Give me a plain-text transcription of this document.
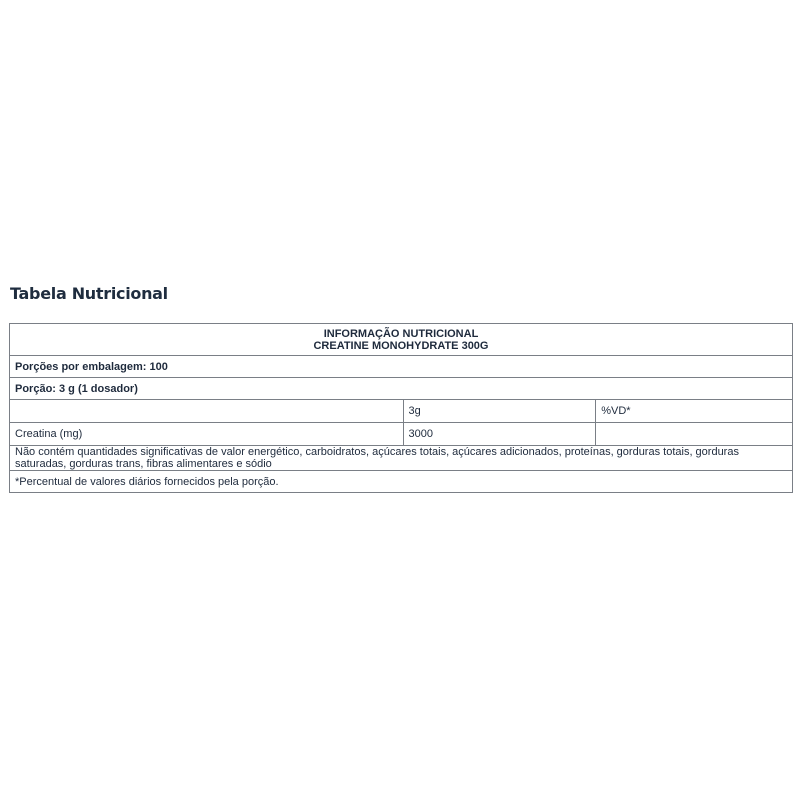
Tabela Nutricional
INFORMAÇÃO NUTRICIONAL
CREATINE MONOHYDRATE 300G		

Porções por embalagem: 100		
Porção: 3 g (1 dosador)		
	3g	%VD*
Creatina (mg)	3000	
Não contém quantidades significativas de valor energético, carboidratos, açúcares totais, açúcares adicionados, proteínas, gorduras totais, gorduras saturadas, gorduras trans, fibras alimentares e sódio		
*Percentual de valores diários fornecidos pela porção.		
